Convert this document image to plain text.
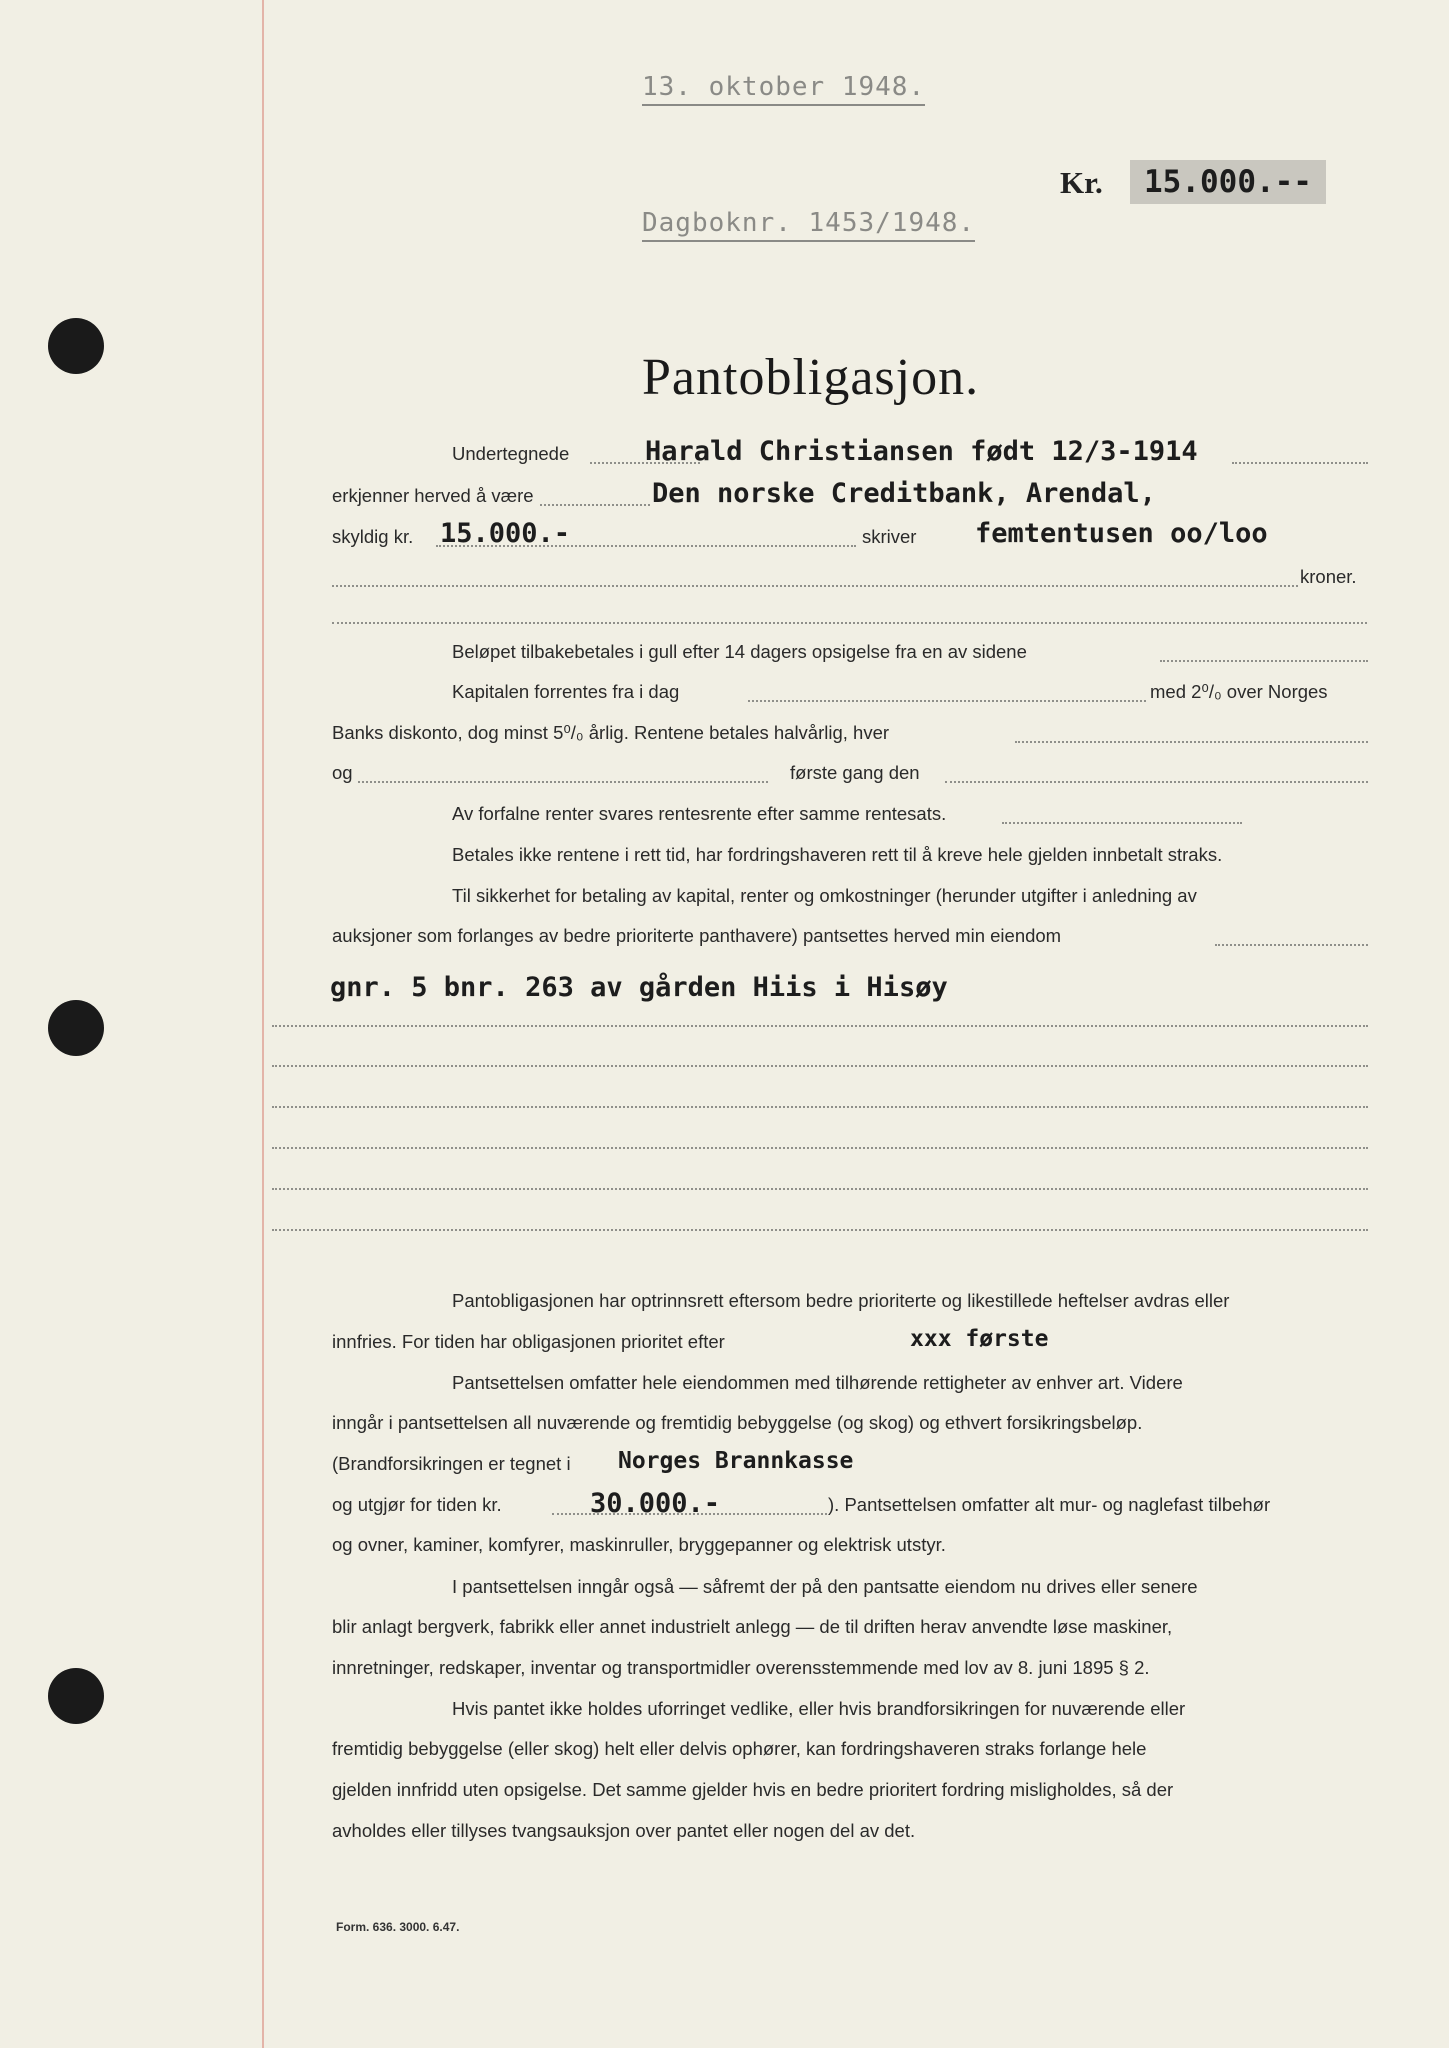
13. oktober 1948.
Kr.	15.000.--
Dagboknr. 1453/1948.
Pantobligasjon.
Undertegnede	Harald Christiansen født 12/3-1914
erkjenner herved å være	Den norske Creditbank, Arendal,
skyldig kr. 15.000.-	skriver femtentusen oo/loo
kroner.
Beløpet tilbakebetales i gull efter 14 dagers opsigelse fra en av sidene
Kapitalen forrentes fra i dag	med 2⁰/₀ over Norges
Banks diskonto, dog minst 5⁰/₀ årlig. Rentene betales halvårlig, hver
og	første gang den
Av forfalne renter svares rentesrente efter samme rentesats.
Betales ikke rentene i rett tid, har fordringshaveren rett til å kreve hele gjelden innbetalt straks.
Til sikkerhet for betaling av kapital, renter og omkostninger (herunder utgifter i anledning av
auksjoner som forlanges av bedre prioriterte panthavere) pantsettes herved min eiendom
gnr. 5 bnr. 263 av gården Hiis i Hisøy
Pantobligasjonen har optrinnsrett eftersom bedre prioriterte og likestillede heftelser avdras eller
innfries. For tiden har obligasjonen prioritet efter	xxx første
Pantsettelsen omfatter hele eiendommen med tilhørende rettigheter av enhver art. Videre
inngår i pantsettelsen all nuværende og fremtidig bebyggelse (og skog) og ethvert forsikringsbeløp.
(Brandforsikringen er tegnet i Norges Brannkasse
og utgjør for tiden kr.	30.000.-	). Pantsettelsen omfatter alt mur- og naglefast tilbehør
og ovner, kaminer, komfyrer, maskinruller, bryggepanner og elektrisk utstyr.
I pantsettelsen inngår også — såfremt der på den pantsatte eiendom nu drives eller senere
blir anlagt bergverk, fabrikk eller annet industrielt anlegg — de til driften herav anvendte løse maskiner,
innretninger, redskaper, inventar og transportmidler overensstemmende med lov av 8. juni 1895 § 2.
Hvis pantet ikke holdes uforringet vedlike, eller hvis brandforsikringen for nuværende eller
fremtidig bebyggelse (eller skog) helt eller delvis ophører, kan fordringshaveren straks forlange hele
gjelden innfridd uten opsigelse. Det samme gjelder hvis en bedre prioritert fordring misligholdes, så der
avholdes eller tillyses tvangsauksjon over pantet eller nogen del av det.
Form. 636. 3000. 6.47.
